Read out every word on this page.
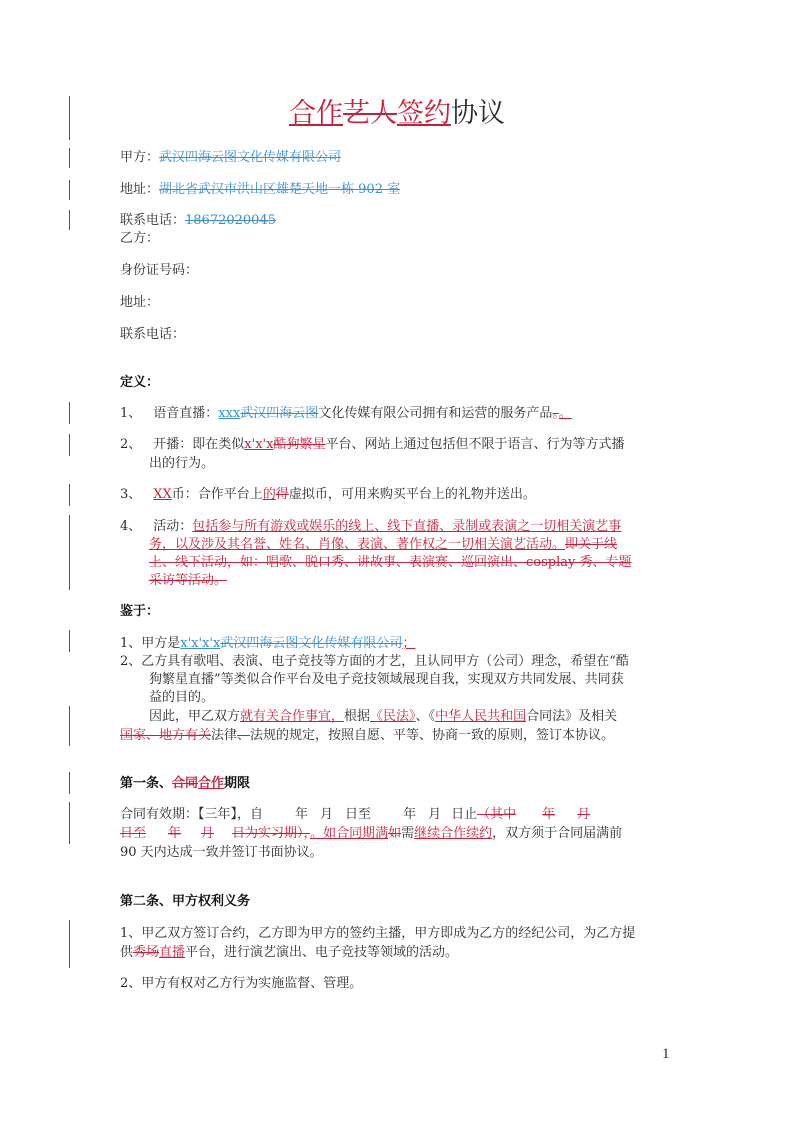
合作艺人签约协议
甲方：武汉四海云图文化传媒有限公司
地址：湖北省武汉市洪山区雄楚天地一栋 902 室
联系电话：18672020045
乙方：
身份证号码：
地址：
联系电话：
定义：
1、 语音直播：xxx武汉四海云图文化传媒有限公司拥有和运营的服务产品。。
2、 开播：即在类似x'x'x酷狗繁星平台、网站上通过包括但不限于语言、行为等方式播
出的行为。
3、 XX币：合作平台上的得虚拟币，可用来购买平台上的礼物并送出。
4、 活动：包括参与所有游戏或娱乐的线上、线下直播、录制或表演之一切相关演艺事
务，以及涉及其名誉、姓名、肖像、表演、著作权之一切相关演艺活动。即关于线
上、线下活动，如：唱歌、脱口秀、讲故事、表演赛、巡回演出、cosplay 秀、专题
采访等活动。
鉴于：
1、甲方是x'x'x'x武汉四海云图文化传媒有限公司；
2、乙方具有歌唱、表演、电子竞技等方面的才艺，且认同甲方（公司）理念，希望在“酷
狗繁星直播”等类似合作平台及电子竞技领域展现自我，实现双方共同发展、共同获
益的目的。
因此，甲乙双方就有关合作事宜，根据《民法》、《中华人民共和国合同法》及相关
国家、地方有关法律、法规的规定，按照自愿、平等、协商一致的原则，签订本协议。
第一条、合同合作期限
合同有效期：【三年】，自 年 月 日至 年 月 日止（其中 年 月
日至 年 月 日为实习期），。如合同期满如需继续合作续约，双方须于合同届满前
90 天内达成一致并签订书面协议。
第二条、甲方权利义务
1、甲乙双方签订合约，乙方即为甲方的签约主播，甲方即成为乙方的经纪公司，为乙方提
供秀场直播平台，进行演艺演出、电子竞技等领域的活动。
2、甲方有权对乙方行为实施监督、管理。
1
